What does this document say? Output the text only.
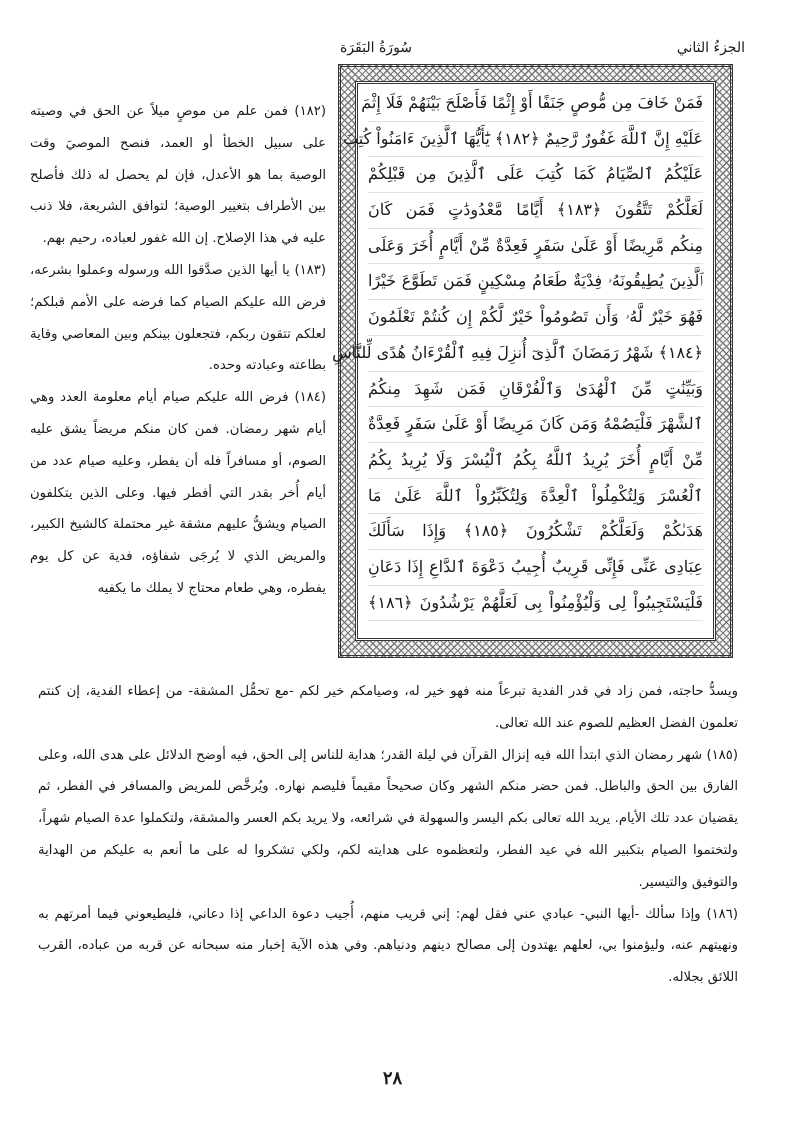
سُورَةُ البَقَرَة	الجزءُ الثاني
فَمَنْ خَافَ مِن مُّوصٍ جَنَفًا أَوْ إِثْمًا فَأَصْلَحَ بَيْنَهُمْ فَلَا إِثْمَ
عَلَيْهِ إِنَّ ٱللَّهَ غَفُورٌ رَّحِيمٌ ﴿١٨٢﴾ يَٰٓأَيُّهَا ٱلَّذِينَ ءَامَنُواْ كُتِبَ
عَلَيْكُمُ ٱلصِّيَامُ كَمَا كُتِبَ عَلَى ٱلَّذِينَ مِن قَبْلِكُمْ
لَعَلَّكُمْ تَتَّقُونَ ﴿١٨٣﴾ أَيَّامًا مَّعْدُودَٰتٍ فَمَن كَانَ
مِنكُم مَّرِيضًا أَوْ عَلَىٰ سَفَرٍ فَعِدَّةٌ مِّنْ أَيَّامٍ أُخَرَ وَعَلَى
ٱلَّذِينَ يُطِيقُونَهُۥ فِدْيَةٌ طَعَامُ مِسْكِينٍ فَمَن تَطَوَّعَ خَيْرًا
فَهُوَ خَيْرٌ لَّهُۥ وَأَن تَصُومُواْ خَيْرٌ لَّكُمْ إِن كُنتُمْ تَعْلَمُونَ
﴿١٨٤﴾ شَهْرُ رَمَضَانَ ٱلَّذِىٓ أُنزِلَ فِيهِ ٱلْقُرْءَانُ هُدًى لِّلنَّاسِ
وَبَيِّنَٰتٍ مِّنَ ٱلْهُدَىٰ وَٱلْفُرْقَانِ فَمَن شَهِدَ مِنكُمُ
ٱلشَّهْرَ فَلْيَصُمْهُ وَمَن كَانَ مَرِيضًا أَوْ عَلَىٰ سَفَرٍ فَعِدَّةٌ
مِّنْ أَيَّامٍ أُخَرَ يُرِيدُ ٱللَّهُ بِكُمُ ٱلْيُسْرَ وَلَا يُرِيدُ بِكُمُ
ٱلْعُسْرَ وَلِتُكْمِلُواْ ٱلْعِدَّةَ وَلِتُكَبِّرُواْ ٱللَّهَ عَلَىٰ مَا
هَدَىٰكُمْ وَلَعَلَّكُمْ تَشْكُرُونَ ﴿١٨٥﴾ وَإِذَا سَأَلَكَ
عِبَادِى عَنِّى فَإِنِّى قَرِيبٌ أُجِيبُ دَعْوَةَ ٱلدَّاعِ إِذَا دَعَانِ
فَلْيَسْتَجِيبُواْ لِى وَلْيُؤْمِنُواْ بِى لَعَلَّهُمْ يَرْشُدُونَ ﴿١٨٦﴾

(١٨٢) فمن علم من موصٍ ميلاً عن الحق في وصيته على سبيل الخطأ أو العمد، فنصح الموصيَ وقت الوصية بما هو الأعدل، فإن لم يحصل له ذلك فأصلح بين الأطراف بتغيير الوصية؛ لتوافق الشريعة، فلا ذنب عليه في هذا الإصلاح. إن الله غفور لعباده، رحيم بهم.

(١٨٣) يا أيها الذين صدَّقوا الله ورسوله وعملوا بشرعه، فرض الله عليكم الصيام كما فرضه على الأمم قبلكم؛ لعلكم تتقون ربكم، فتجعلون بينكم وبين المعاصي وقاية بطاعته وعبادته وحده.

(١٨٤) فرض الله عليكم صيام أيام معلومة العدد وهي أيام شهر رمضان. فمن كان منكم مريضاً يشق عليه الصوم، أو مسافراً فله أن يفطر، وعليه صيام عدد من أيام أُخر بقدر التي أفطر فيها. وعلى الذين يتكلفون الصيام ويشقُّ عليهم مشقة غير محتملة كالشيخ الكبير، والمريض الذي لا يُرجَى شفاؤه، فدية عن كل يوم يفطره، وهي طعام محتاج لا يملك ما يكفيه

ويسدُّ حاجته، فمن زاد في قدر الفدية تبرعاً منه فهو خير له، وصيامكم خير لكم -مع تحمُّل المشقة- من إعطاء الفدية، إن كنتم تعلمون الفضل العظيم للصوم عند الله تعالى.

(١٨٥) شهر رمضان الذي ابتدأ الله فيه إنزال القرآن في ليلة القدر؛ هداية للناس إلى الحق، فيه أوضح الدلائل على هدى الله، وعلى الفارق بين الحق والباطل. فمن حضر منكم الشهر وكان صحيحاً مقيماً فليصم نهاره. ويُرخَّص للمريض والمسافر في الفطر، ثم يقضيان عدد تلك الأيام. يريد الله تعالى بكم اليسر والسهولة في شرائعه، ولا يريد بكم العسر والمشقة، ولتكملوا عدة الصيام شهراً، ولتختموا الصيام بتكبير الله في عيد الفطر، ولتعظموه على هدايته لكم، ولكي تشكروا له على ما أنعم به عليكم من الهداية والتوفيق والتيسير.

(١٨٦) وإذا سألك -أيها النبي- عبادي عني فقل لهم: إني قريب منهم، أُجيب دعوة الداعي إذا دعاني، فليطيعوني فيما أمرتهم به ونهيتهم عنه، وليؤمنوا بي، لعلهم يهتدون إلى مصالح دينهم ودنياهم. وفي هذه الآية إخبار منه سبحانه عن قربه من عباده، القرب اللائق بجلاله.

٢٨
